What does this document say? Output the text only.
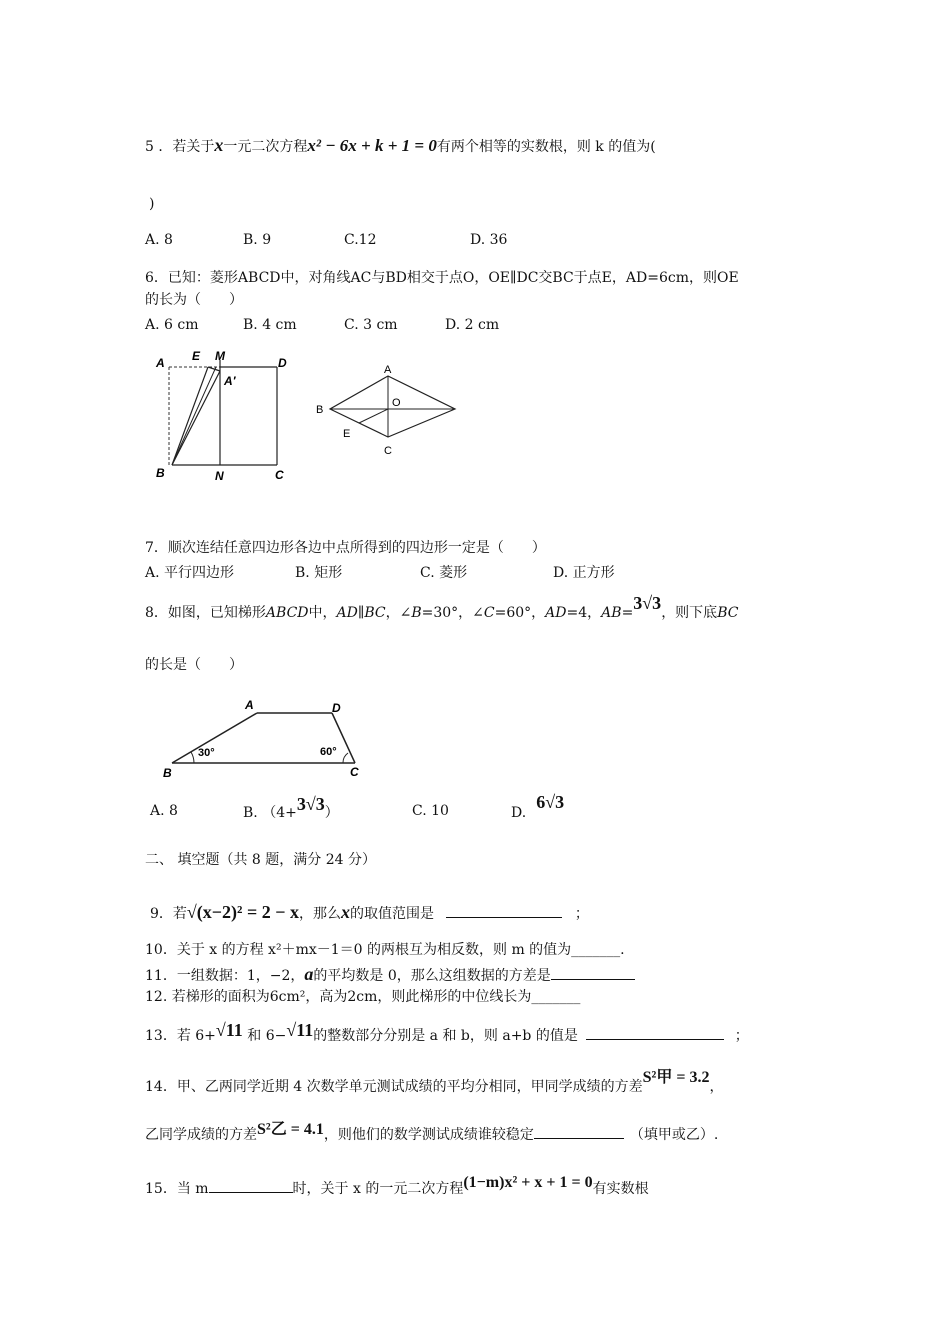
5 ．若关于x一元二次方程x² − 6x + k + 1 = 0有两个相等的实数根，则 k 的值为(
)
A. 8	B. 9	C.12	D. 36
6．已知：菱形ABCD中，对角线AC与BD相交于点O，OE∥DC交BC于点E，AD=6cm，则OE
的长为（　　）
A. 6 cm	B. 4 cm	C. 3 cm	D. 2 cm
A E M	D
A′
B	N	C
A
B
O
E
C
7．顺次连结任意四边形各边中点所得到的四边形一定是（　　）
A. 平行四边形	B. 矩形	C. 菱形	D. 正方形
8．如图，已知梯形ABCD中，AD∥BC，∠B=30°，∠C=60°，AD=4，AB=3√3，则下底BC
的长是（　　）
A	D
B	C
30°	60°
A. 8	B. （4+3√3）	C. 10	D.6√3
二、 填空题（共 8 题，满分 24 分）
9．若√(x−2)² = 2 − x，那么x的取值范围是	；
10．关于 x 的方程 x²＋mx－1＝0 的两根互为相反数，则 m 的值为_______.
11．一组数据：1，−2，a的平均数是 0，那么这组数据的方差是
12. 若梯形的面积为6cm²，高为2cm，则此梯形的中位线长为_______
13．若 6+√11 和 6−√11的整数部分分别是 a 和 b，则 a+b 的值是	；
14．甲、乙两同学近期 4 次数学单元测试成绩的平均分相同，甲同学成绩的方差S²甲 = 3.2，
乙同学成绩的方差S²乙 = 4.1，则他们的数学测试成绩谁较稳定	（填甲或乙）.
15．当 m	时，关于 x 的一元二次方程(1−m)x² + x + 1 = 0有实数根
